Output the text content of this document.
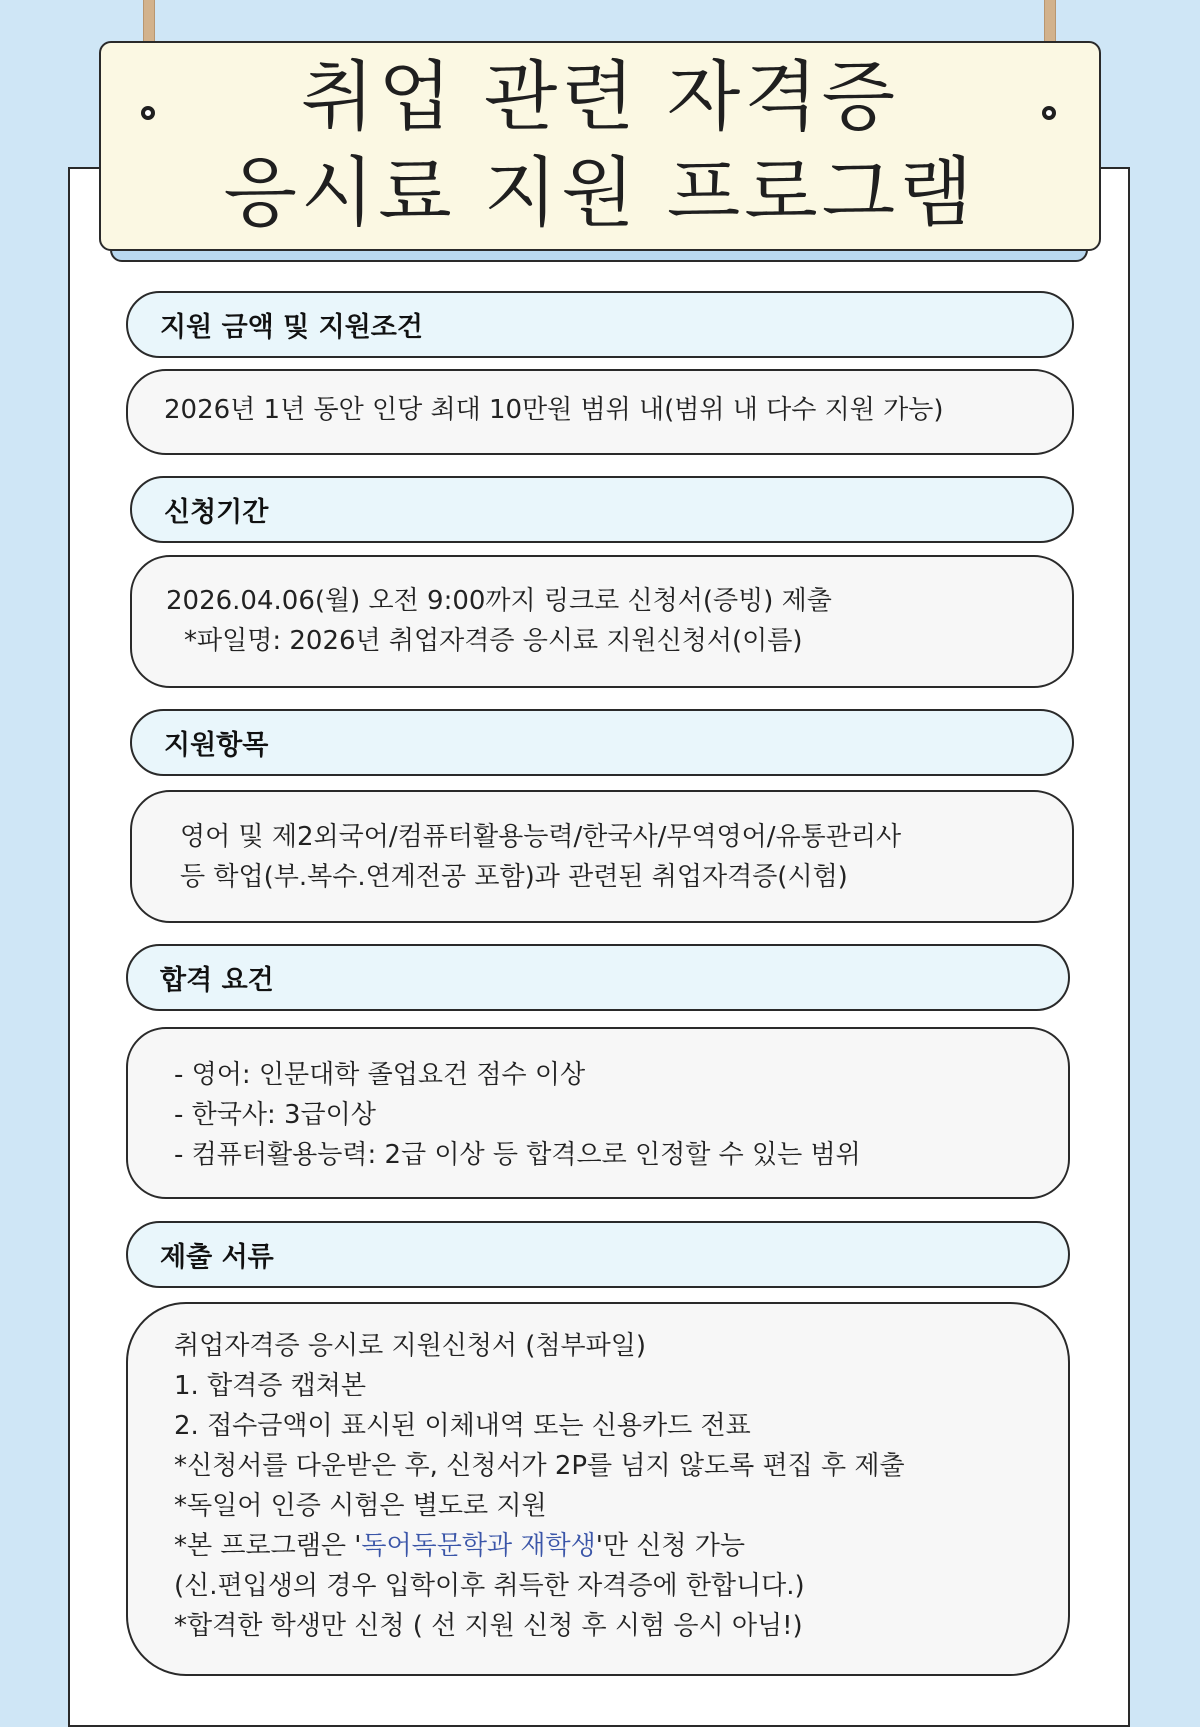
취업 관련 자격증
응시료 지원 프로그램
지원 금액 및 지원조건
2026년 1년 동안 인당 최대 10만원 범위 내(범위 내 다수 지원 가능)
신청기간
2026.04.06(월) 오전 9:00까지 링크로 신청서(증빙) 제출
*파일명: 2026년 취업자격증 응시료 지원신청서(이름)
지원항목
영어 및 제2외국어/컴퓨터활용능력/한국사/무역영어/유통관리사
등 학업(부.복수.연계전공 포함)과 관련된 취업자격증(시험)
합격 요건
- 영어: 인문대학 졸업요건 점수 이상
- 한국사: 3급이상
- 컴퓨터활용능력: 2급 이상 등 합격으로 인정할 수 있는 범위
제출 서류
취업자격증 응시로 지원신청서 (첨부파일)
1. 합격증 캡쳐본
2. 접수금액이 표시된 이체내역 또는 신용카드 전표
*신청서를 다운받은 후, 신청서가 2P를 넘지 않도록 편집 후 제출
*독일어 인증 시험은 별도로 지원
*본 프로그램은 '독어독문학과 재학생'만 신청 가능
(신.편입생의 경우 입학이후 취득한 자격증에 한합니다.)
*합격한 학생만 신청 ( 선 지원 신청 후 시험 응시 아님!)
